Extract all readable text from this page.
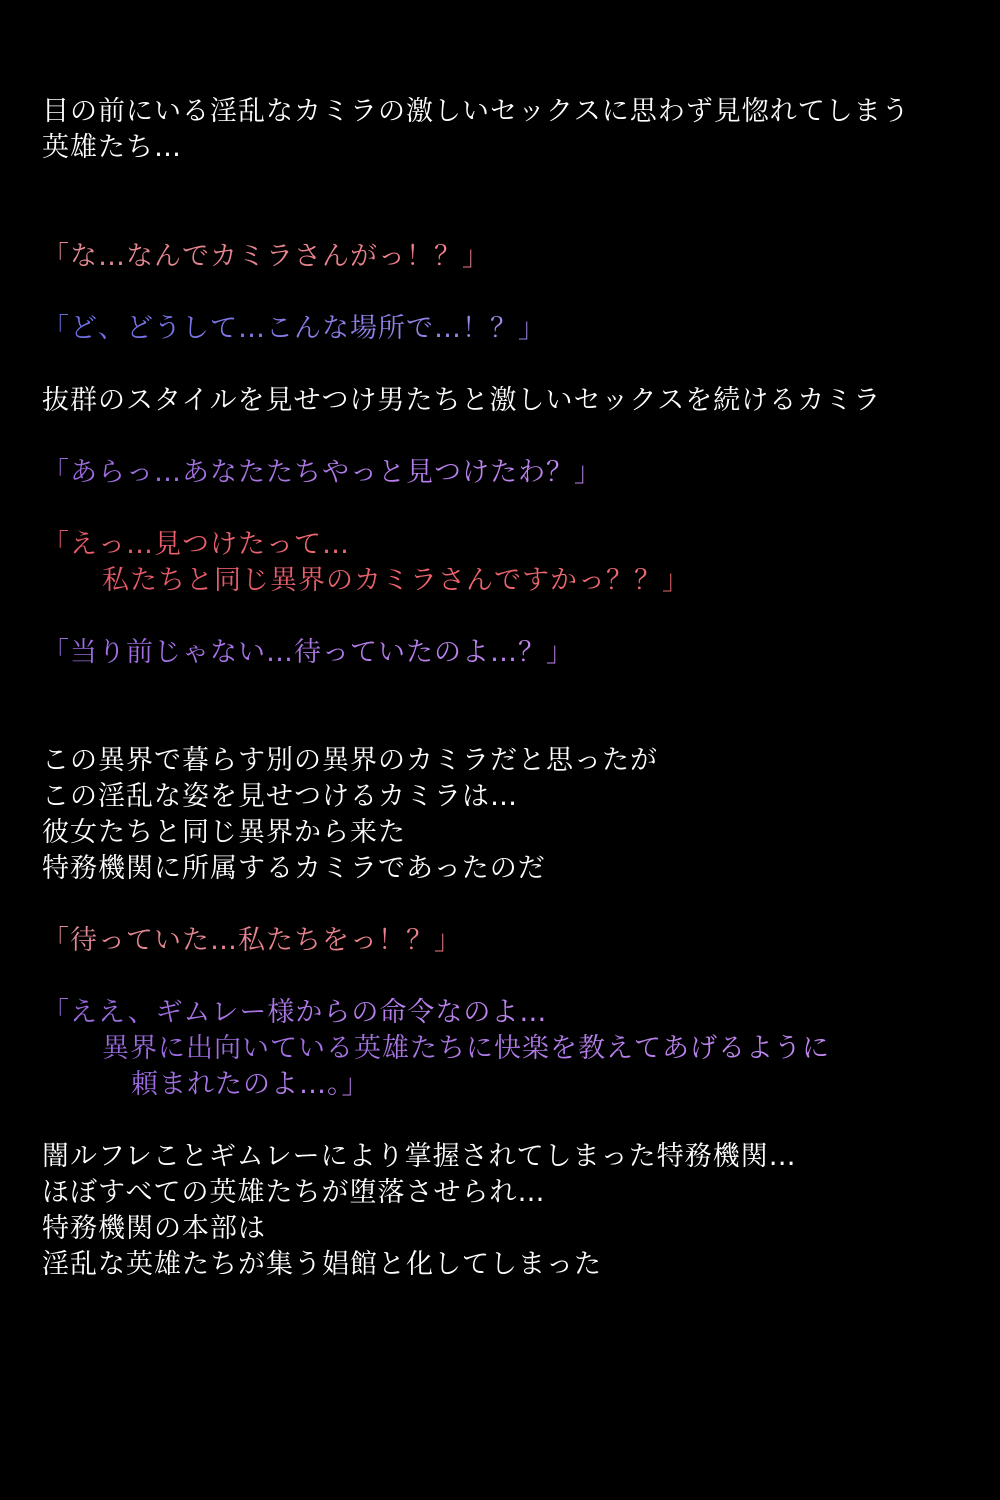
目の前にいる淫乱なカミラの激しいセックスに思わず見惚れてしまう
英雄たち…
「な…なんでカミラさんがっ！？」
「ど、どうして…こんな場所で…！？」
抜群のスタイルを見せつけ男たちと激しいセックスを続けるカミラ
「あらっ…あなたたちやっと見つけたわ？」
「えっ…見つけたって…
私たちと同じ異界のカミラさんですかっ？？」
「当り前じゃない…待っていたのよ…？」
この異界で暮らす別の異界のカミラだと思ったが
この淫乱な姿を見せつけるカミラは…
彼女たちと同じ異界から来た
特務機関に所属するカミラであったのだ
「待っていた…私たちをっ！？」
「ええ、ギムレー様からの命令なのよ…
異界に出向いている英雄たちに快楽を教えてあげるように
頼まれたのよ…。」
闇ルフレことギムレーにより掌握されてしまった特務機関…
ほぼすべての英雄たちが堕落させられ…
特務機関の本部は
淫乱な英雄たちが集う娼館と化してしまった
